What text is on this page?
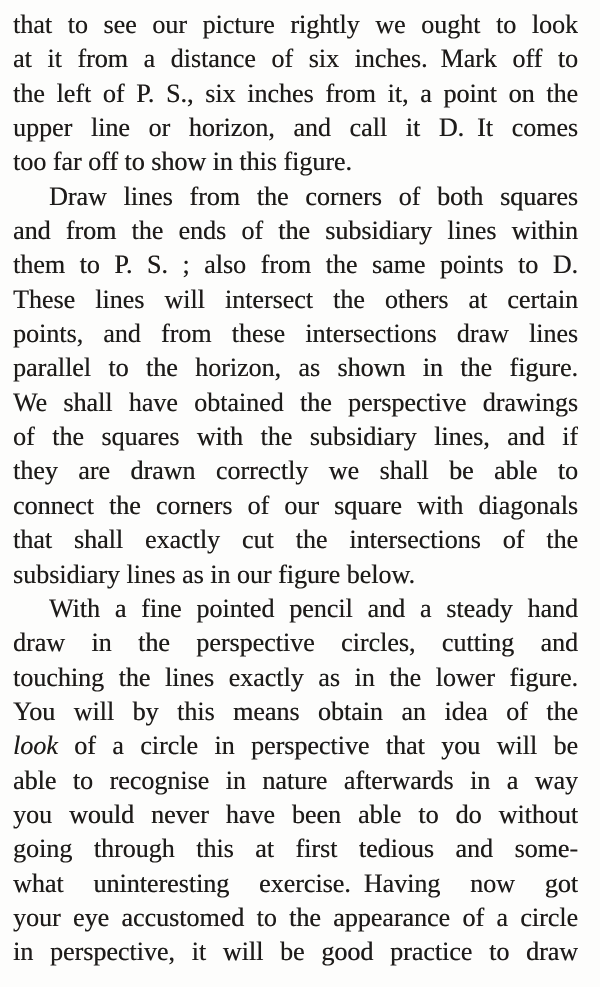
that to see our picture rightly we ought to look
at it from a distance of six inches. Mark off to
the left of P. S., six inches from it, a point on the
upper line or horizon, and call it D. It comes
too far off to show in this figure.
Draw lines from the corners of both squares
and from the ends of the subsidiary lines within
them to P. S. ; also from the same points to D.
These lines will intersect the others at certain
points, and from these intersections draw lines
parallel to the horizon, as shown in the figure.
We shall have obtained the perspective drawings
of the squares with the subsidiary lines, and if
they are drawn correctly we shall be able to
connect the corners of our square with diagonals
that shall exactly cut the intersections of the
subsidiary lines as in our figure below.
With a fine pointed pencil and a steady hand
draw in the perspective circles, cutting and
touching the lines exactly as in the lower figure.
You will by this means obtain an idea of the
look of a circle in perspective that you will be
able to recognise in nature afterwards in a way
you would never have been able to do without
going through this at first tedious and some-
what uninteresting exercise. Having now got
your eye accustomed to the appearance of a circle
in perspective, it will be good practice to draw
